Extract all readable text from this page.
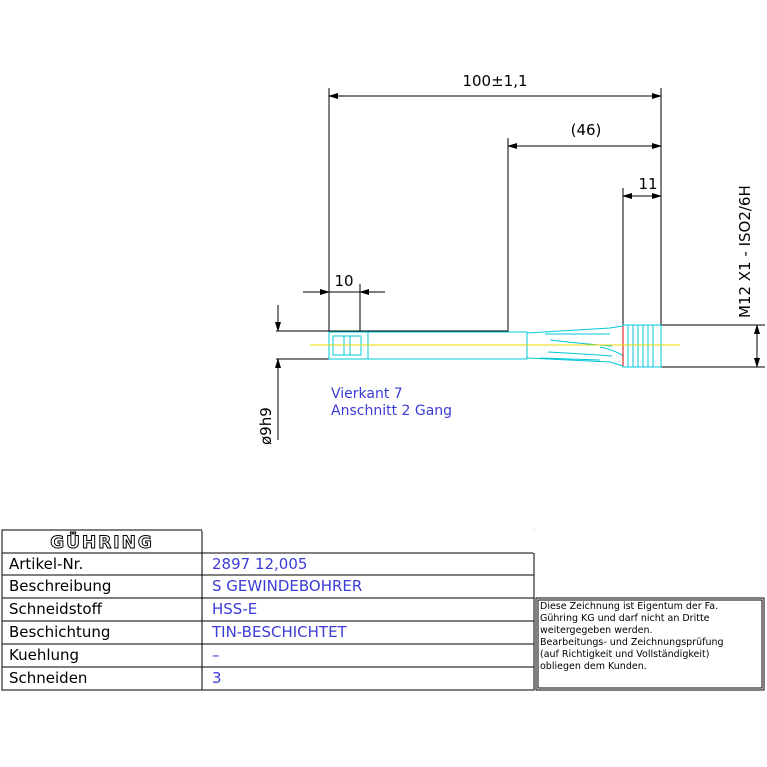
100±1,1
(46)
11
10
ø9h9
M12 X1 - ISO2/6H
Vierkant 7
Anschnitt 2 Gang
GÜHRING
Artikel-Nr.	2897 12,005
Beschreibung	S GEWINDEBOHRER
Schneidstoff	HSS-E
Beschichtung	TIN-BESCHICHTET
Kuehlung	–
Schneiden	3

Diese Zeichnung ist Eigentum der Fa.

Gühring KG und darf nicht an Dritte

weitergegeben werden.

Bearbeitungs- und Zeichnungsprüfung

(auf Richtigkeit und Vollständigkeit)

obliegen dem Kunden.
